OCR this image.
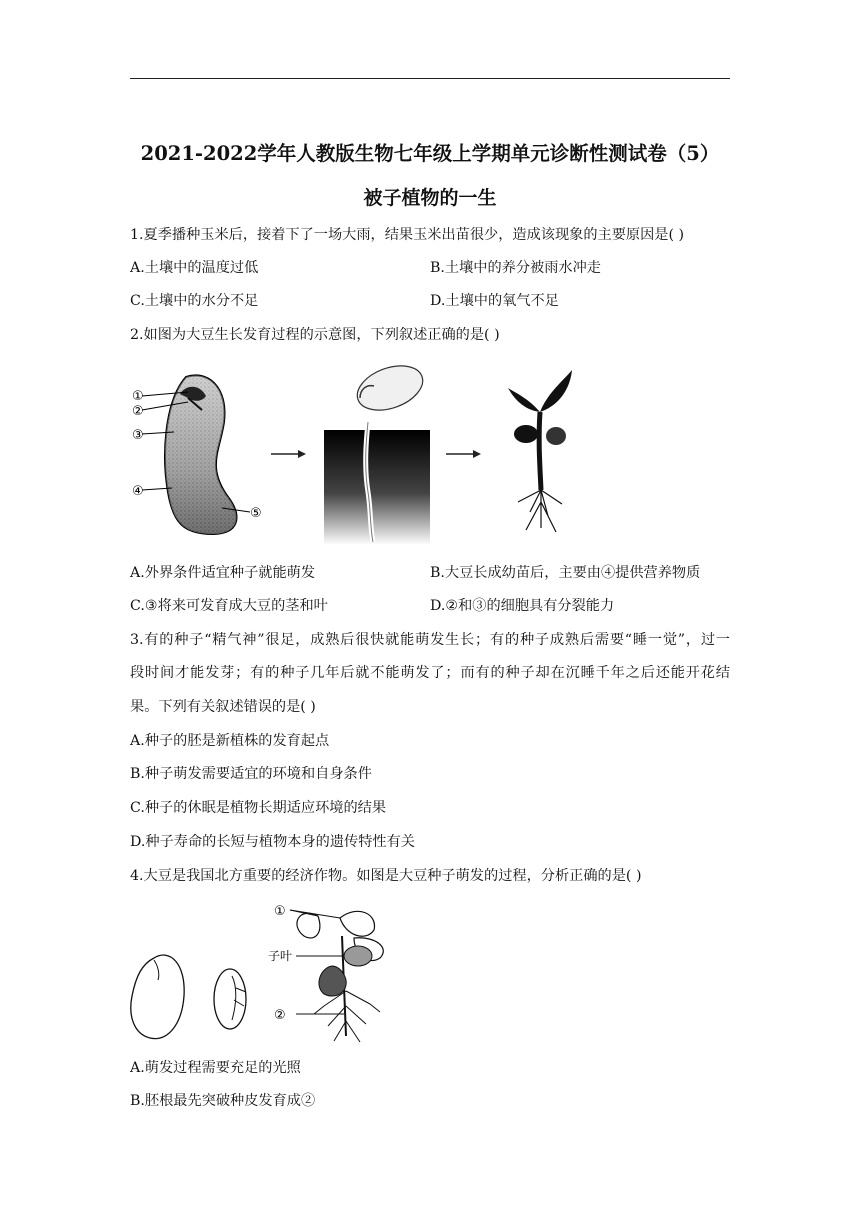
2021-2022学年人教版生物七年级上学期单元诊断性测试卷（5）
被子植物的一生
1.夏季播种玉米后，接着下了一场大雨，结果玉米出苗很少，造成该现象的主要原因是( )
A.土壤中的温度过低	B.土壤中的养分被雨水冲走
C.土壤中的水分不足	D.土壤中的氧气不足
2.如图为大豆生长发育过程的示意图，下列叙述正确的是( )
①
②
③
④
⑤
A.外界条件适宜种子就能萌发	B.大豆长成幼苗后，主要由④提供营养物质
C.③将来可发育成大豆的茎和叶	D.②和③的细胞具有分裂能力
3.有的种子“精气神”很足，成熟后很快就能萌发生长；有的种子成熟后需要“睡一觉”，过一
段时间才能发芽；有的种子几年后就不能萌发了；而有的种子却在沉睡千年之后还能开花结
果。下列有关叙述错误的是( )
A.种子的胚是新植株的发育起点
B.种子萌发需要适宜的环境和自身条件
C.种子的休眠是植物长期适应环境的结果
D.种子寿命的长短与植物本身的遗传特性有关
4.大豆是我国北方重要的经济作物。如图是大豆种子萌发的过程，分析正确的是( )
①
子叶
②
A.萌发过程需要充足的光照
B.胚根最先突破种皮发育成②
